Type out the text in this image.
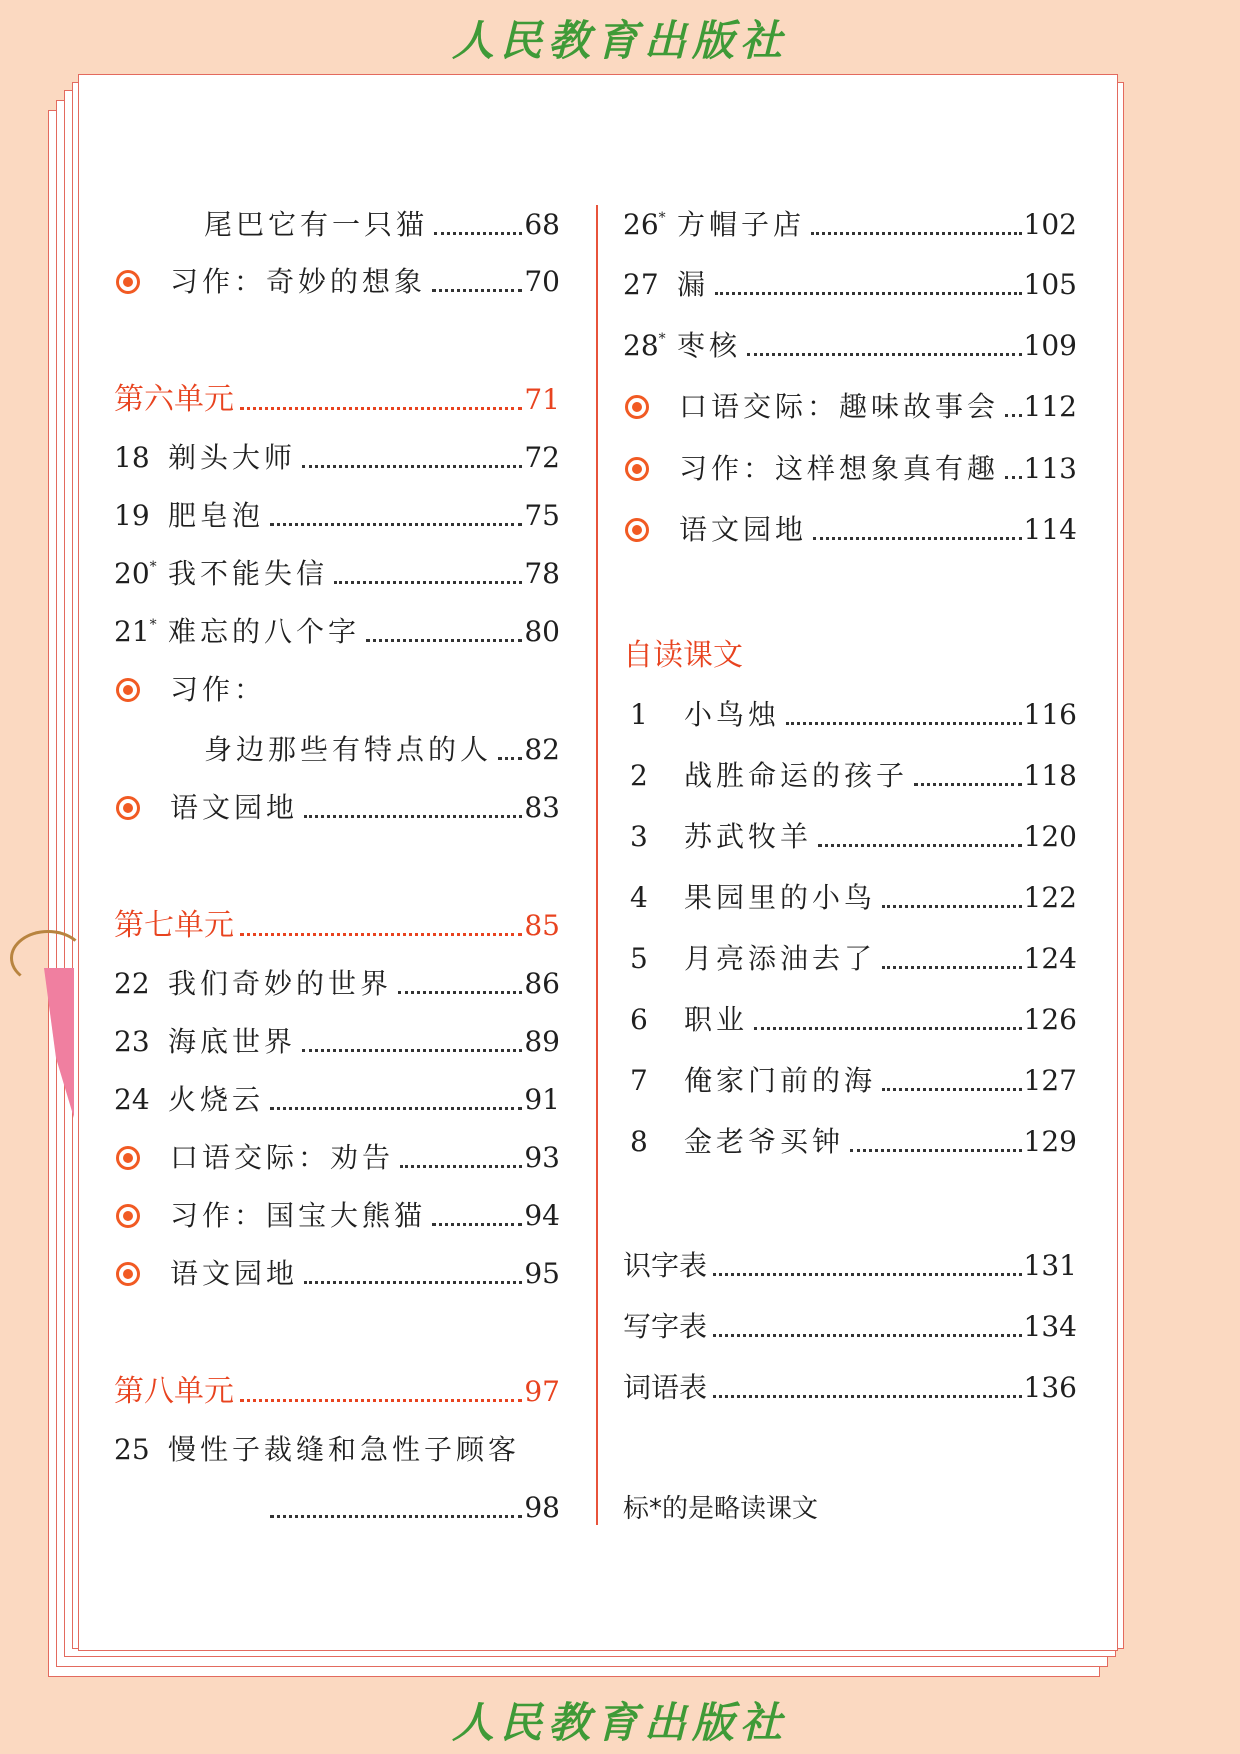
人民教育出版社
尾巴它有一只猫	68
习作：奇妙的想象	70
第六单元	71
18 剃头大师	72
19 肥皂泡	75
20* 我不能失信	78
21* 难忘的八个字	80
习作：
身边那些有特点的人 82
语文园地	83
第七单元	85
22 我们奇妙的世界	86
23 海底世界	89
24 火烧云	91
口语交际：劝告	93
习作：国宝大熊猫	94
语文园地	95
第八单元	97
25 慢性子裁缝和急性子顾客
98
26* 方帽子店	102
27 漏	105
28* 枣核	109
口语交际：趣味故事会 112
习作：这样想象真有趣 113
语文园地	114
自读课文
1	小鸟烛	116
2	战胜命运的孩子	118
3	苏武牧羊	120
4	果园里的小鸟	122
5	月亮添油去了	124
6	职业	126
7	俺家门前的海	127
8	金老爷买钟	129
识字表	131
写字表	134
词语表	136
标*的是略读课文
人民教育出版社
